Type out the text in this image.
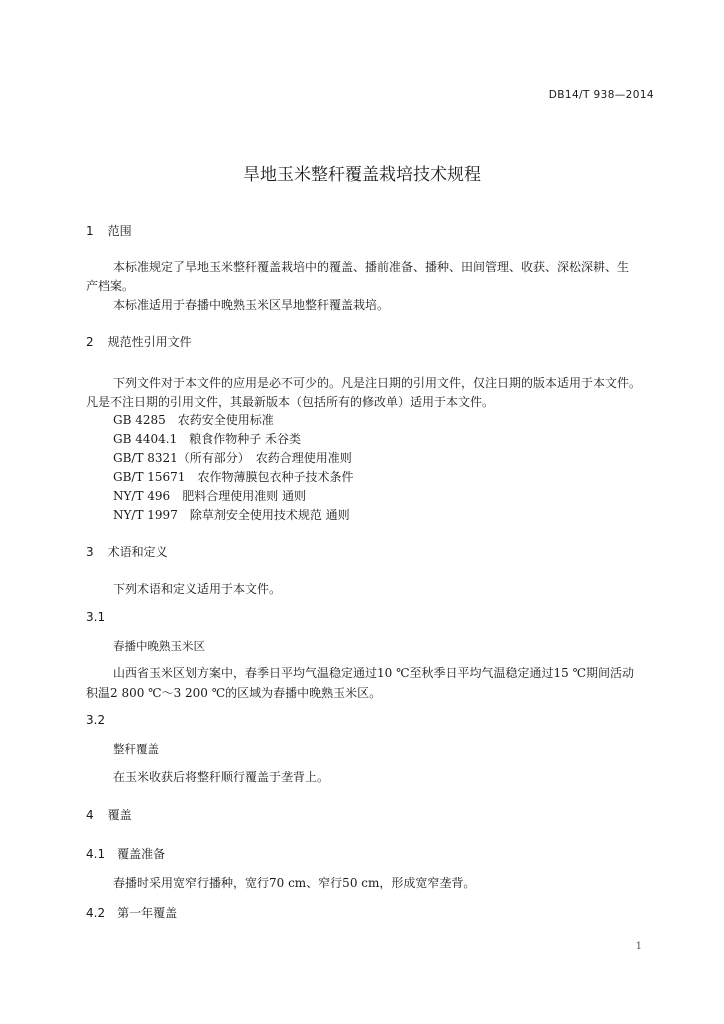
DB14/T 938—2014
旱地玉米整秆覆盖栽培技术规程
1 范围
本标准规定了旱地玉米整秆覆盖栽培中的覆盖、播前准备、播种、田间管理、收获、深松深耕、生
产档案。
本标准适用于春播中晚熟玉米区旱地整秆覆盖栽培。
2 规范性引用文件
下列文件对于本文件的应用是必不可少的。凡是注日期的引用文件，仅注日期的版本适用于本文件。
凡是不注日期的引用文件，其最新版本（包括所有的修改单）适用于本文件。
GB 4285　农药安全使用标准
GB 4404.1　粮食作物种子 禾谷类
GB/T 8321（所有部分）　农药合理使用准则
GB/T 15671　农作物薄膜包衣种子技术条件
NY/T 496　肥料合理使用准则 通则
NY/T 1997　除草剂安全使用技术规范 通则
3 术语和定义
下列术语和定义适用于本文件。
3.1
春播中晚熟玉米区
山西省玉米区划方案中，春季日平均气温稳定通过10 ℃至秋季日平均气温稳定通过15 ℃期间活动
积温2 800 ℃～3 200 ℃的区域为春播中晚熟玉米区。
3.2
整秆覆盖
在玉米收获后将整秆顺行覆盖于垄背上。
4 覆盖
4.1 覆盖准备
春播时采用宽窄行播种，宽行70 cm、窄行50 cm，形成宽窄垄背。
4.2 第一年覆盖
1
